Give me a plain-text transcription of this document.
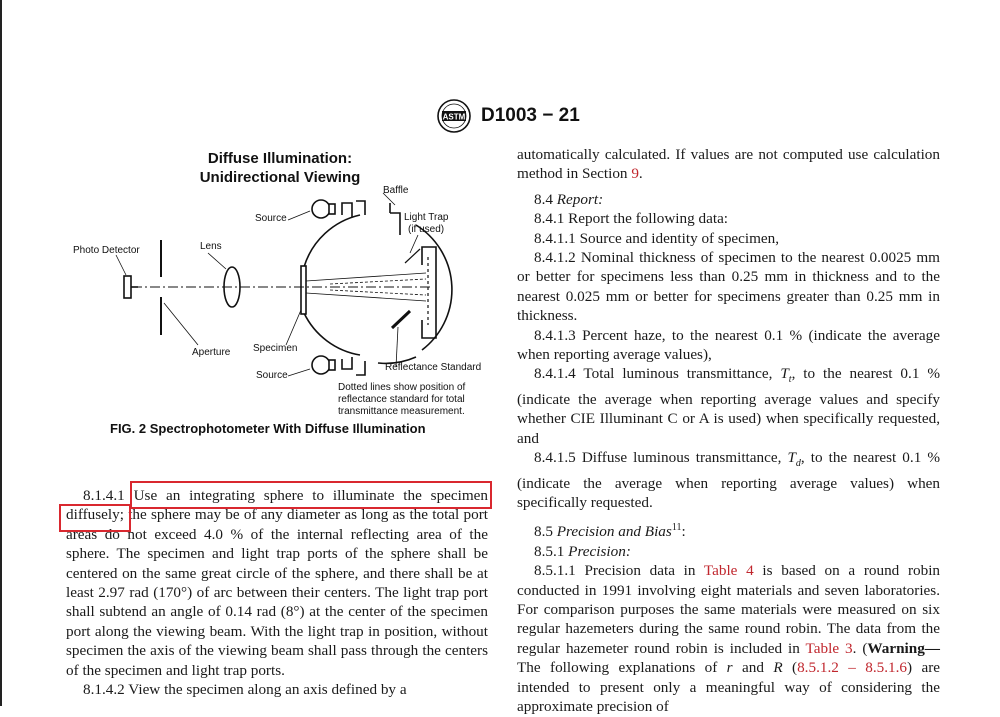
ASTM D1003 − 21
Diffuse Illumination:
Unidirectional Viewing
Baffle
Source	Light Trap
(if used)
Photo Detector	Lens
Aperture Specimen
Reflectance Standard
Source
Dotted lines show position of
reflectance standard for total
transmittance measurement.
FIG. 2 Spectrophotometer With Diffuse Illumination

8.1.4.1 Use an integrating sphere to illuminate the specimen diffusely; the sphere may be of any diameter as long as the total port areas do not exceed 4.0 % of the internal reflecting area of the sphere. The specimen and light trap ports of the sphere shall be centered on the same great circle of the sphere, and there shall be at least 2.97 rad (170°) of arc between their centers. The light trap port shall subtend an angle of 0.14 rad (8°) at the center of the specimen port along the viewing beam. With the light trap in position, without specimen the axis of the viewing beam shall pass through the centers of the specimen and light trap ports.

8.1.4.2 View the specimen along an axis defined by a

automatically calculated. If values are not computed use calculation method in Section 9.

8.4 Report:

8.4.1 Report the following data:

8.4.1.1 Source and identity of specimen,

8.4.1.2 Nominal thickness of specimen to the nearest 0.0025 mm or better for specimens less than 0.25 mm in thickness and to the nearest 0.025 mm or better for specimens greater than 0.25 mm in thickness.

8.4.1.3 Percent haze, to the nearest 0.1 % (indicate the average when reporting average values),

8.4.1.4 Total luminous transmittance, $T_t$, to the nearest 0.1 % (indicate the average when reporting average values and specify whether CIE Illuminant C or A is used) when specifically requested, and

8.4.1.5 Diffuse luminous transmittance, $T_d$, to the nearest 0.1 % (indicate the average when reporting average values) when specifically requested.

8.5 Precision and Bias$^{11}$:

8.5.1 Precision:

8.5.1.1 Precision data in Table 4 is based on a round robin conducted in 1991 involving eight materials and seven laboratories. For comparison purposes the same materials were measured on six regular hazemeters during the same round robin. The data from the regular hazemeter round robin is included in Table 3. (Warning—The following explanations of r and R (8.5.1.2 – 8.5.1.6) are intended to present only a meaningful way of considering the approximate precision of
